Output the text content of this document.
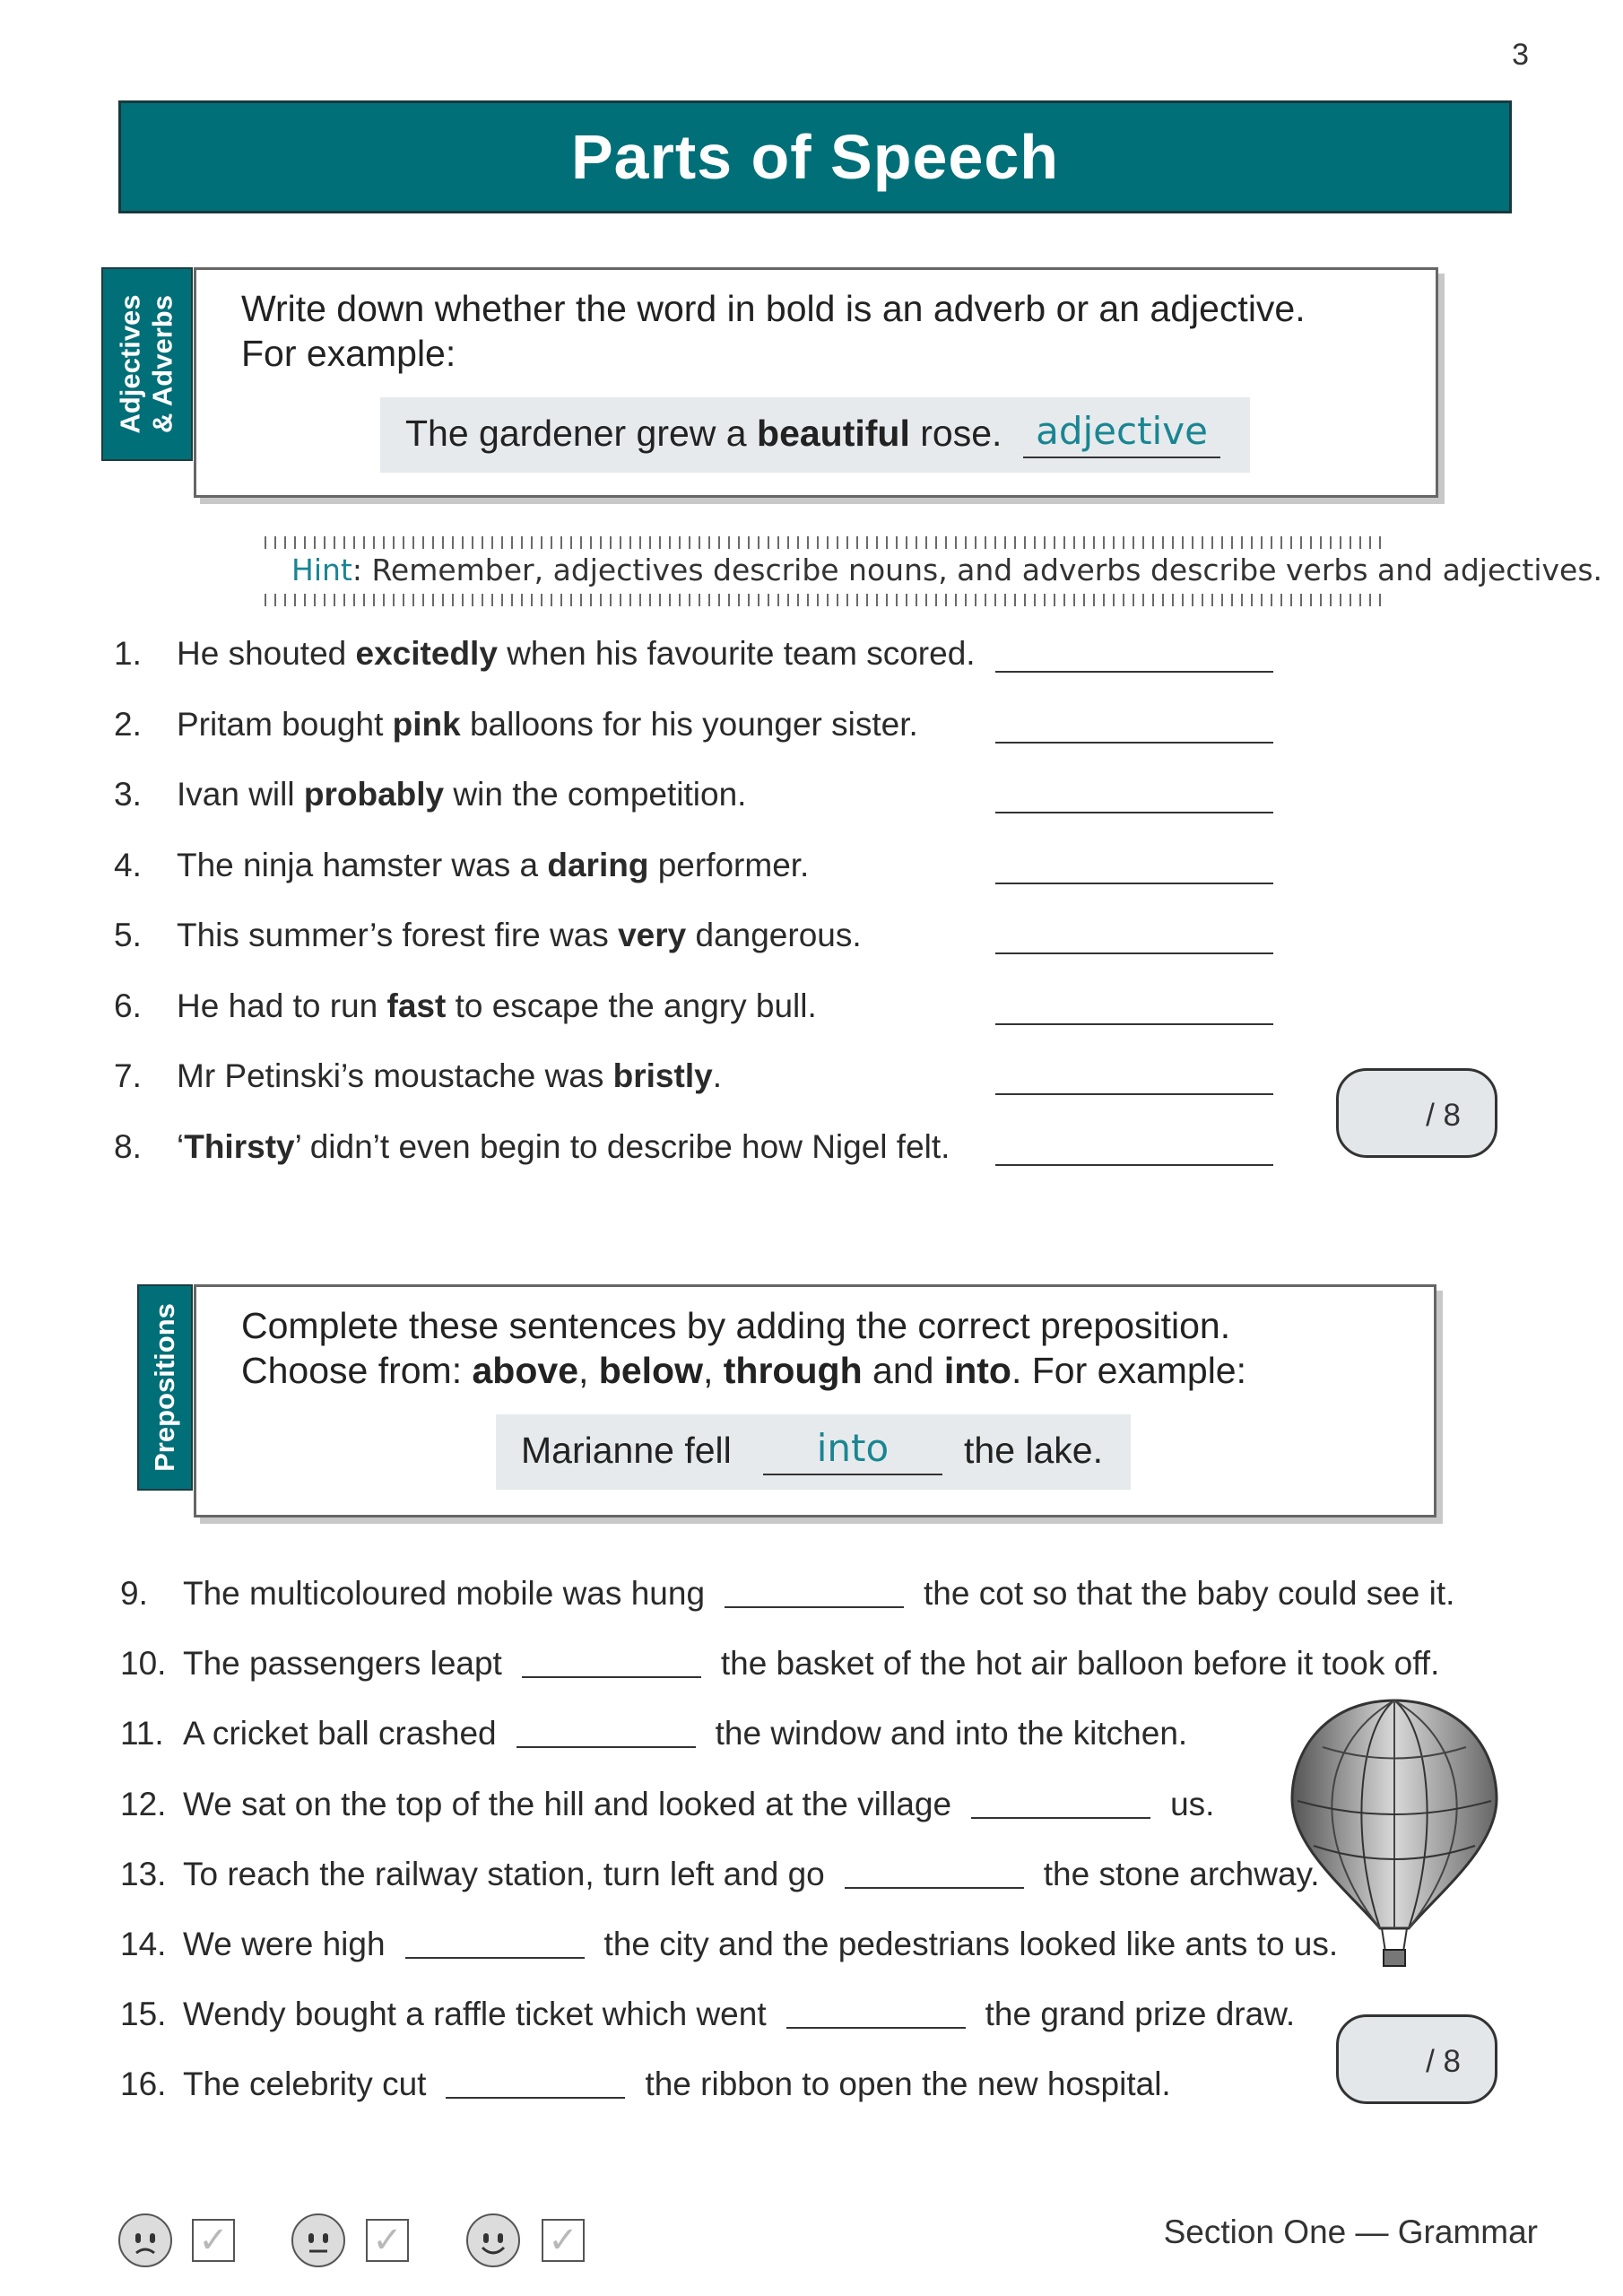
3
Parts of Speech
Write down whether the word in bold is an adverb or an adjective.
For example:
The gardener grew a beautiful rose. adjective
Adjectives & Adverbs
Hint: Remember, adjectives describe nouns, and adverbs describe verbs and adjectives.
1. He shouted excitedly when his favourite team scored.
2. Pritam bought pink balloons for his younger sister.
3. Ivan will probably win the competition.
4. The ninja hamster was a daring performer.
5. This summer’s forest fire was very dangerous.
6. He had to run fast to escape the angry bull.
7. Mr Petinski’s moustache was bristly.
8. ‘Thirsty’ didn’t even begin to describe how Nigel felt.
/ 8
Complete these sentences by adding the correct preposition.
Choose from: above, below, through and into. For example:
Marianne fell	into	the lake.
Prepositions
9. The multicoloured mobile was hung	the cot so that the baby could see it.
10. The passengers leapt	the basket of the hot air balloon before it took off.
11. A cricket ball crashed	the window and into the kitchen.
12. We sat on the top of the hill and looked at the village	us.
13. To reach the railway station, turn left and go	the stone archway.
14. We were high	the city and the pedestrians looked like ants to us.
15. Wendy bought a raffle ticket which went	the grand prize draw.
16. The celebrity cut	the ribbon to open the new hospital.
/ 8
✓	✓	✓	Section One — Grammar
